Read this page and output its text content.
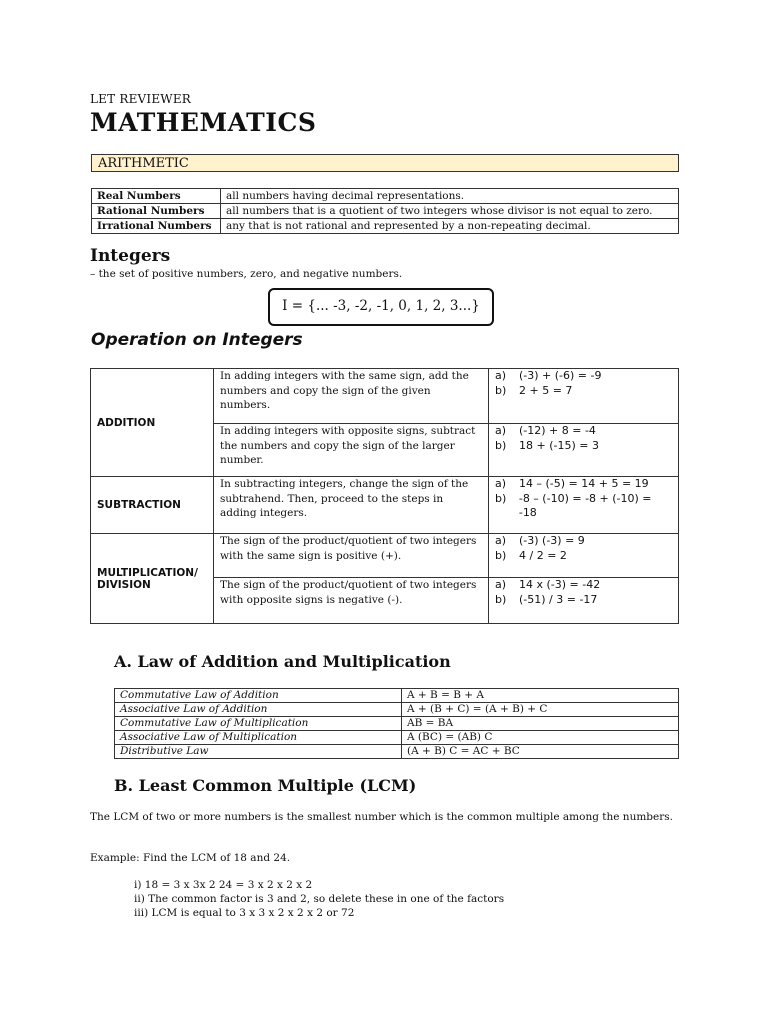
LET REVIEWER
MATHEMATICS
ARITHMETIC
Real Numbers	all numbers having decimal representations.
Rational Numbers	all numbers that is a quotient of two integers whose divisor is not equal to zero.
Irrational Numbers	any that is not rational and represented by a non-repeating decimal.
Integers
– the set of positive numbers, zero, and negative numbers.
I = {... -3, -2, -1, 0, 1, 2, 3...}
Operation on Integers
ADDITION	In adding integers with the same sign, add the numbers and copy the sign of the given numbers.	a) (-3) + (-6) = -9
b) 2 + 5 = 7

	In adding integers with opposite signs, subtract the numbers and copy the sign of the larger number.	a) (-12) + 8 = -4
b) 18 + (-15) = 3

SUBTRACTION	In subtracting integers, change the sign of the subtrahend. Then, proceed to the steps in adding integers.	a) 14 – (-5) = 14 + 5 = 19
b) -8 – (-10) = -8 + (-10) = -18

MULTIPLICATION/ DIVISION	The sign of the product/quotient of two integers with the same sign is positive (+).	a) (-3) (-3) = 9
b) 4 / 2 = 2

	The sign of the product/quotient of two integers with opposite signs is negative (-).	a) 14 x (-3) = -42
b) (-51) / 3 = -17
A. Law of Addition and Multiplication
Commutative Law of Addition	A + B = B + A
Associative Law of Addition	A + (B + C) = (A + B) + C
Commutative Law of Multiplication	AB = BA
Associative Law of Multiplication	A (BC) = (AB) C
Distributive Law	(A + B) C = AC + BC
B. Least Common Multiple (LCM)
The LCM of two or more numbers is the smallest number which is the common multiple among the numbers.
Example: Find the LCM of 18 and 24.
i) 18 = 3 x 3x 2 24 = 3 x 2 x 2 x 2
ii) The common factor is 3 and 2, so delete these in one of the factors
iii) LCM is equal to 3 x 3 x 2 x 2 x 2 or 72
